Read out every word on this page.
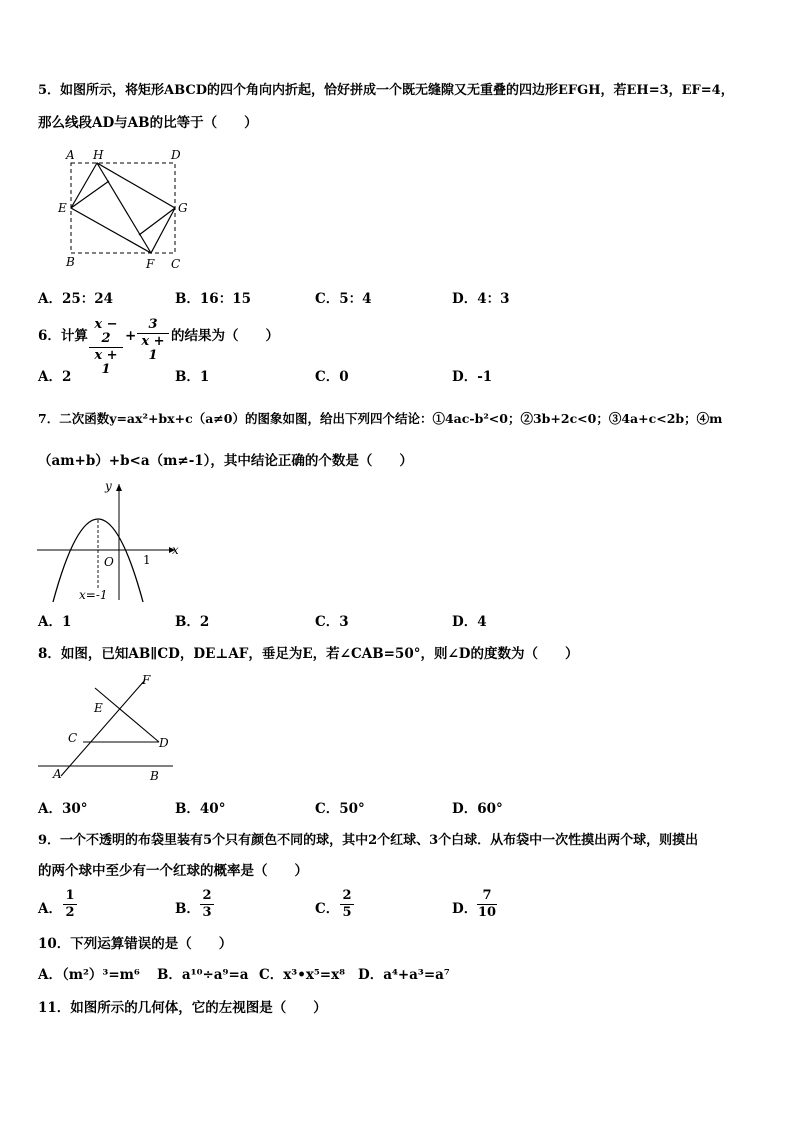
5．如图所示，将矩形ABCD的四个角向内折起，恰好拼成一个既无缝隙又无重叠的四边形EFGH，若EH=3，EF=4，
那么线段AD与AB的比等于（　　）
A H	D
E	G
B	F C
A．25：24	B．16：15	C．5：4	D．4：3
6．计算
x − 2
x + 1
+
3
x + 1
的结果为（　　）
A．2	B．1	C．0	D．-1
7．二次函数y=ax²+bx+c（a≠0）的图象如图，给出下列四个结论：①4ac-b²<0；②3b+2c<0；③4a+c<2b；④m
（am+b）+b<a（m≠-1），其中结论正确的个数是（　　）
y
x
O 1
x=-1
A．1	B．2	C．3	D．4
8．如图，已知AB∥CD，DE⊥AF，垂足为E，若∠CAB=50°，则∠D的度数为（　　）
F
E
C	D
A	B
A．30°	B．40°	C．50°	D．60°
9．一个不透明的布袋里装有5个只有颜色不同的球，其中2个红球、3个白球．从布袋中一次性摸出两个球，则摸出
的两个球中至少有一个红球的概率是（　　）
A．
1
2	B．
2
3	C．
2
5	D．
7
10
10．下列运算错误的是（　　）
A．（m²）³=m⁶ B．a¹⁰÷a⁹=a C．x³•x⁵=x⁸ D．a⁴+a³=a⁷
11．如图所示的几何体，它的左视图是（　　）
